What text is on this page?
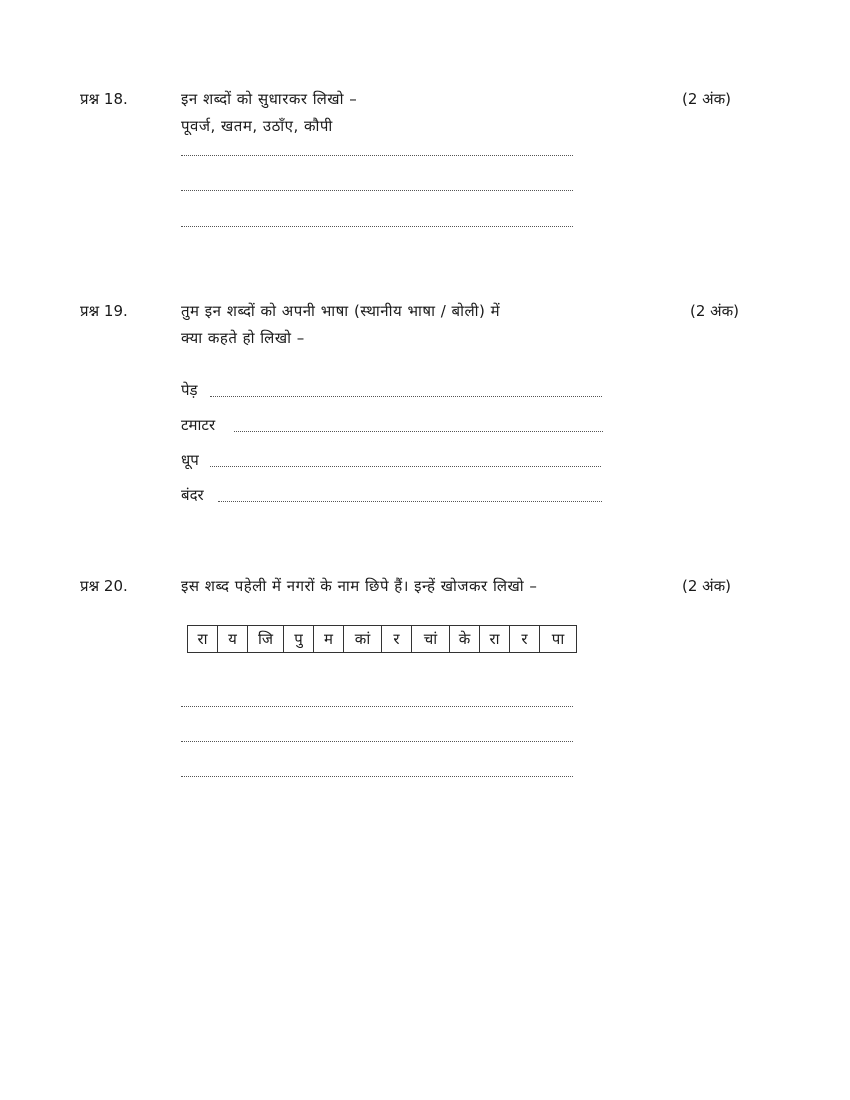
प्रश्न 18.	इन शब्दों को सुधारकर लिखो –	(2 अंक)
पूवर्ज, खतम, उठाँए, कौपी
प्रश्न 19.	तुम इन शब्दों को अपनी भाषा (स्थानीय भाषा / बोली) में	(2 अंक)
क्या कहते हो लिखो –
पेड़
टमाटर
धूप
बंदर
प्रश्न 20.	इस शब्द पहेली में नगरों के नाम छिपे हैं। इन्हें खोजकर लिखो –	(2 अंक)
रा	य	जि	पु	म	कां	र	चां	के	रा	र	पा
